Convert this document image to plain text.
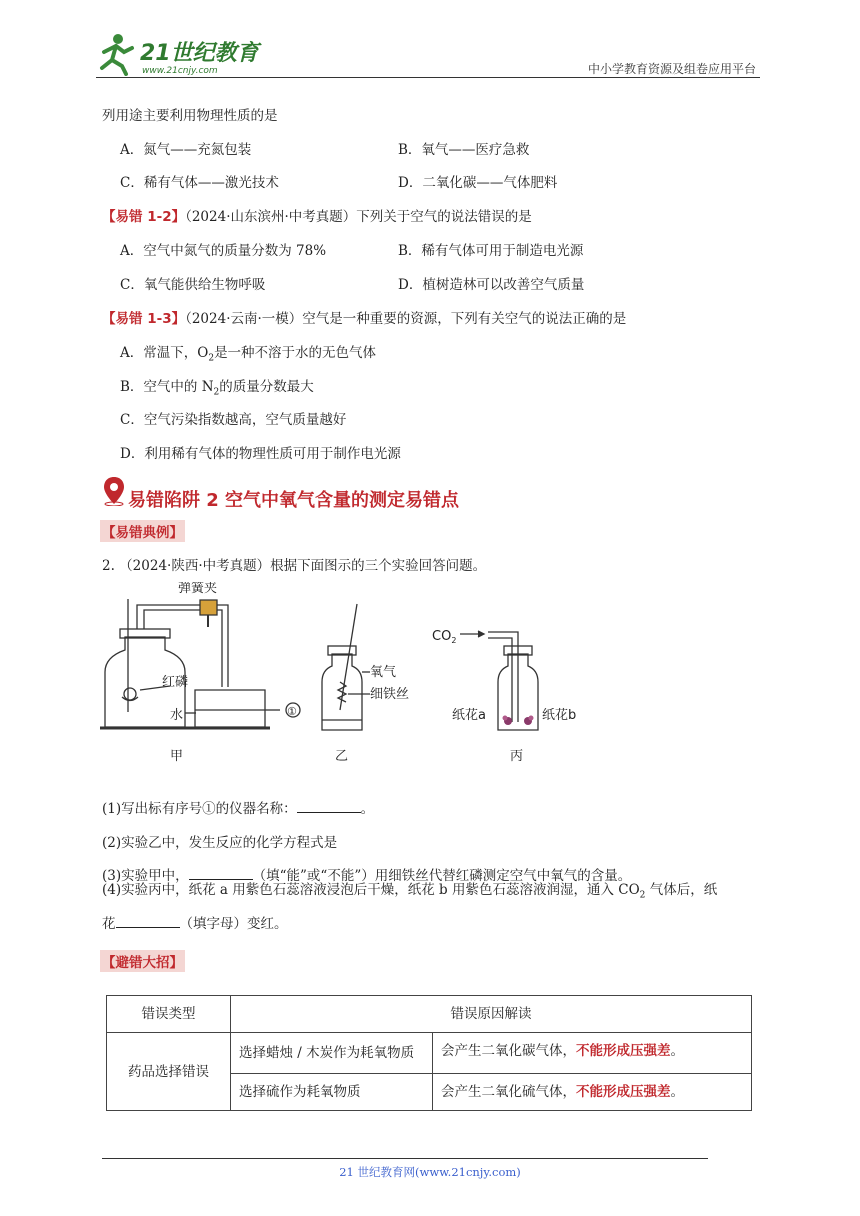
21世纪教育
www.21cnjy.com	中小学教育资源及组卷应用平台
列用途主要利用物理性质的是
A．氮气——充氮包装	B．氧气——医疗急救
C．稀有气体——激光技术	D．二氧化碳——气体肥料
【易错 1-2】（2024·山东滨州·中考真题）下列关于空气的说法错误的是
A．空气中氮气的质量分数为 78%	B．稀有气体可用于制造电光源
C．氧气能供给生物呼吸	D．植树造林可以改善空气质量
【易错 1-3】（2024·云南·一模）空气是一种重要的资源，下列有关空气的说法正确的是
A．常温下，$O_2$是一种不溶于水的无色气体
B．空气中的 $N_2$的质量分数最大
C．空气污染指数越高，空气质量越好
D．利用稀有气体的物理性质可用于制作电光源
易错陷阱 2 空气中氧气含量的测定易错点
【易错典例】
2. （2024·陕西·中考真题）根据下面图示的三个实验回答问题。
弹簧夹
红磷
水	①
甲
氧气
细铁丝
乙
$CO_2$
纸花a	纸花b
丙
(1)写出标有序号①的仪器名称：	。
(2)实验乙中，发生反应的化学方程式是
(3)实验甲中，	（填“能”或“不能”）用细铁丝代替红磷测定空气中氧气的含量。
(4)实验丙中，纸花 a 用紫色石蕊溶液浸泡后干燥，纸花 b 用紫色石蕊溶液润湿，通入 $CO_2$ 气体后，纸
花	（填字母）变红。
【避错大招】
错误类型	错误原因解读	
药品选择错误	选择蜡烛 / 木炭作为耗氧物质	会产生二氧化碳气体，不能形成压强差。
	选择硫作为耗氧物质	会产生二氧化硫气体，不能形成压强差。
21 世纪教育网(www.21cnjy.com)
